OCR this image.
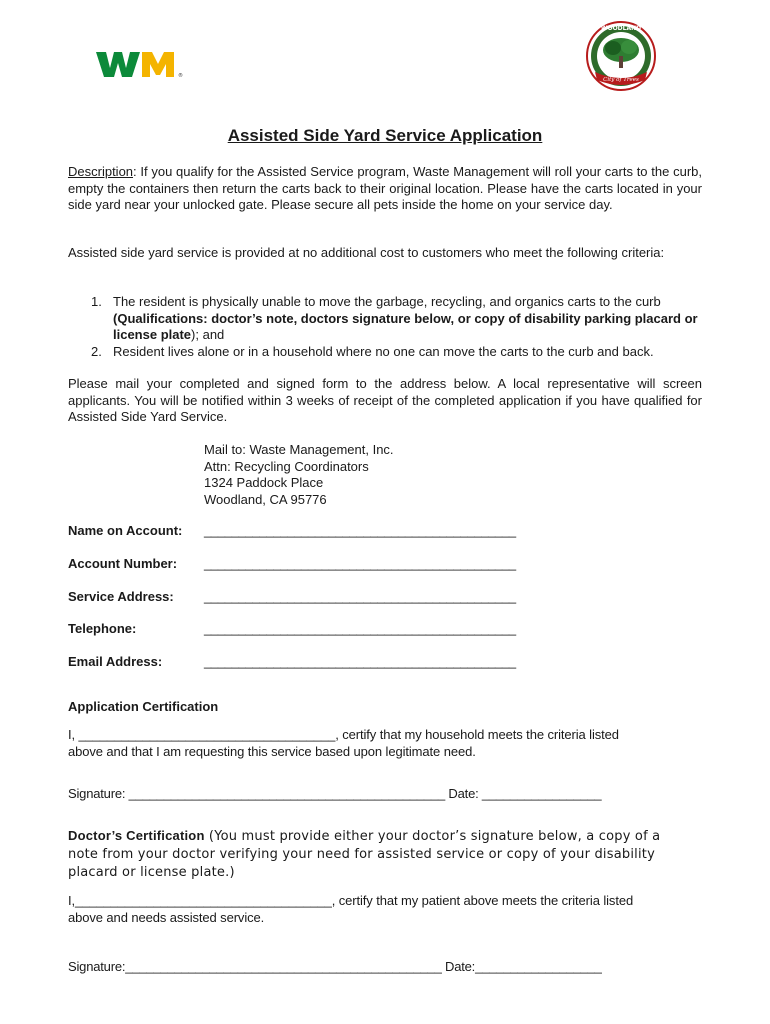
®
WOODLAND
City of Trees
Assisted Side Yard Service Application
Description: If you qualify for the Assisted Service program, Waste Management will roll your carts to the curb, empty the containers then return the carts back to their original location. Please have the carts located in your side yard near your unlocked gate. Please secure all pets inside the home on your service day.
Assisted side yard service is provided at no additional cost to customers who meet the following criteria:
1. The resident is physically unable to move the garbage, recycling, and organics carts to the curb (Qualifications: doctor’s note, doctors signature below, or copy of disability parking placard or license plate); and
2. Resident lives alone or in a household where no one can move the carts to the curb and back.
Please mail your completed and signed form to the address below. A local representative will screen applicants. You will be notified within 3 weeks of receipt of the completed application if you have qualified for Assisted Side Yard Service.
Mail to: Waste Management, Inc.
Attn: Recycling Coordinators
1324 Paddock Place
Woodland, CA 95776
Name on Account: _____________________________________________
Account Number: _____________________________________________
Service Address: _____________________________________________
Telephone:	_____________________________________________
Email Address:	_____________________________________________
Application Certification
I, ____________________________________, certify that my household meets the criteria listed
above and that I am requesting this service based upon legitimate need.
Signature: _____________________________________________ Date: _________________
Doctor’s Certification (You must provide either your doctor’s signature below, a copy of a note from your doctor verifying your need for assisted service or copy of your disability placard or license plate.)
I,____________________________________, certify that my patient above meets the criteria listed
above and needs assisted service.
Signature:_____________________________________________ Date:__________________
